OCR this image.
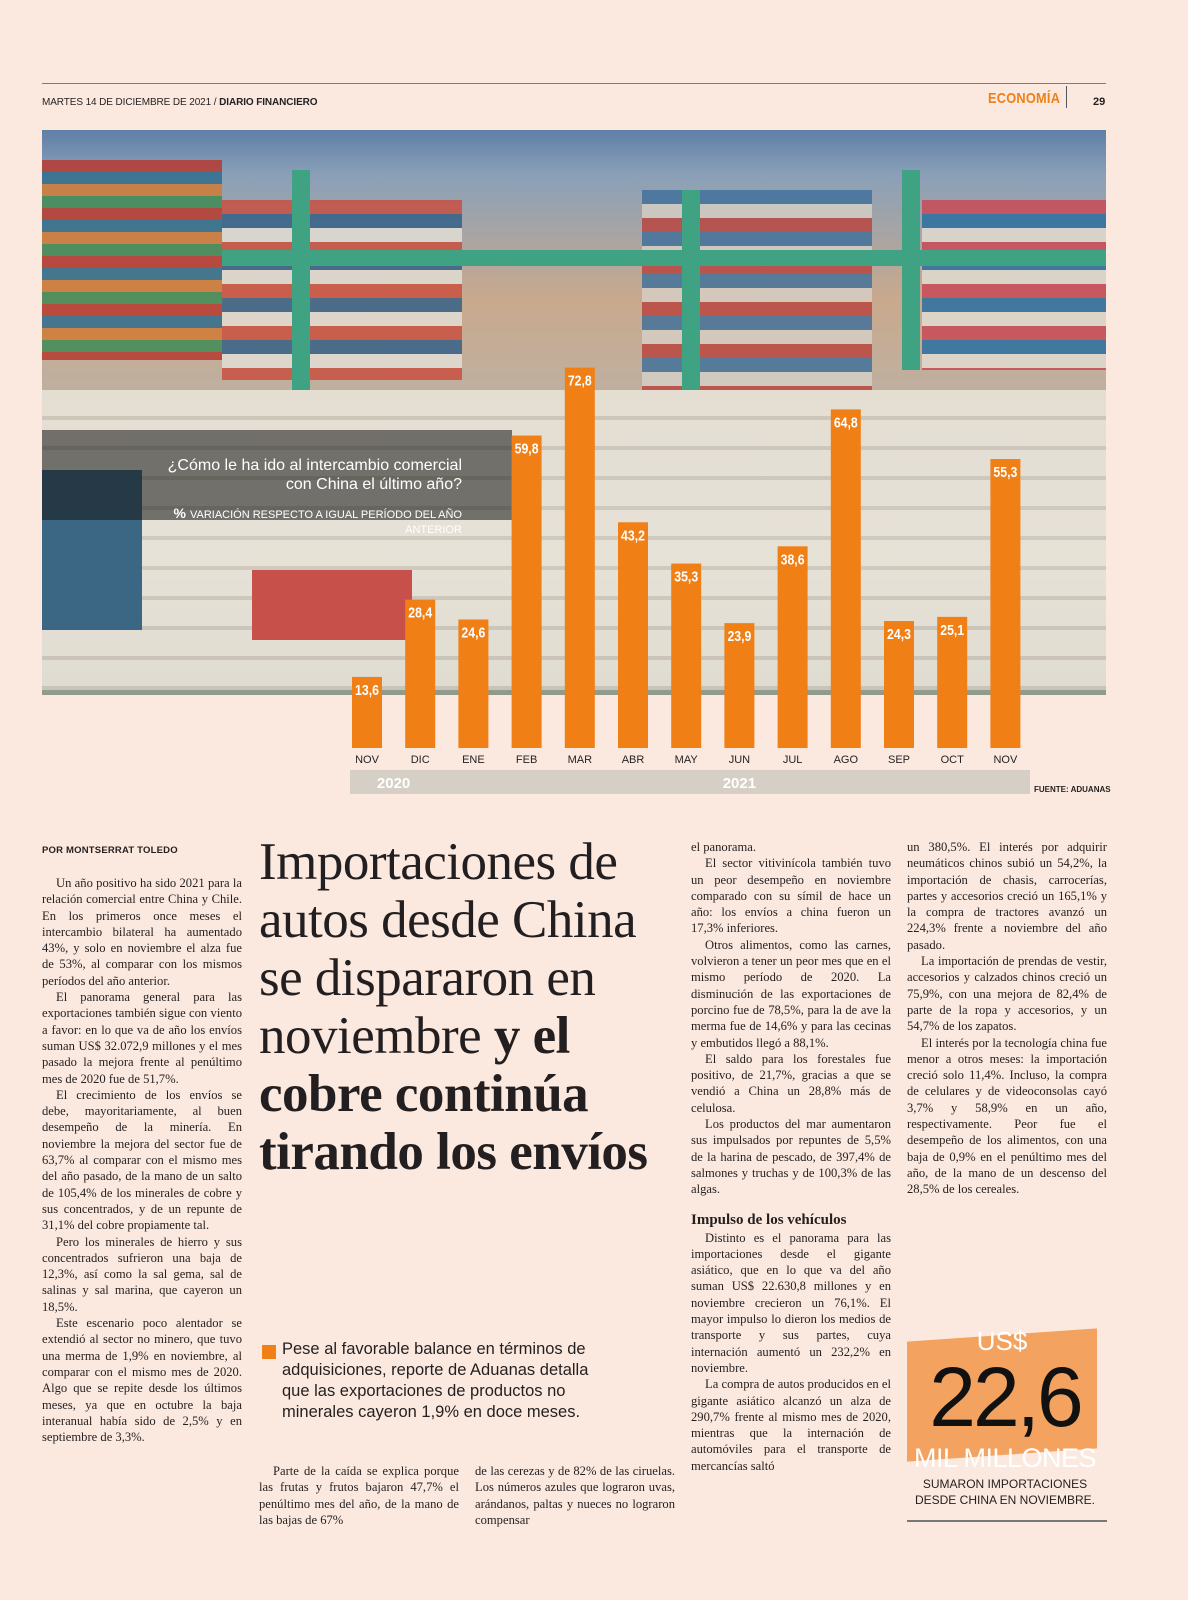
MARTES 14 DE DICIEMBRE DE 2021 / DIARIO FINANCIERO	ECONOMÍA	29
¿Cómo le ha ido al intercambio comercial con China el último año?
% VARIACIÓN RESPECTO A IGUAL PERÍODO DEL AÑO ANTERIOR
13,6
NOV
28,4
DIC
24,6
ENE
59,8
FEB
72,8
MAR
43,2
ABR
35,3
MAY
23,9
JUN
38,6
JUL
64,8
AGO
24,3
SEP
25,1
OCT
55,3
NOV
2020	2021	FUENTE: ADUANAS
POR MONTSERRAT TOLEDO

Un año positivo ha sido 2021 para la relación comercial entre China y Chile. En los primeros once meses el intercambio bilateral ha aumentado 43%, y solo en noviembre el alza fue de 53%, al comparar con los mismos períodos del año anterior.

El panorama general para las exportaciones también sigue con viento a favor: en lo que va de año los envíos suman US$ 32.072,9 millones y el mes pasado la mejora frente al penúltimo mes de 2020 fue de 51,7%.

El crecimiento de los envíos se debe, mayoritariamente, al buen desempeño de la minería. En noviembre la mejora del sector fue de 63,7% al comparar con el mismo mes del año pasado, de la mano de un salto de 105,4% de los minerales de cobre y sus concentrados, y de un repunte de 31,1% del cobre propiamente tal.

Pero los minerales de hierro y sus concentrados sufrieron una baja de 12,3%, así como la sal gema, sal de salinas y sal marina, que cayeron un 18,5%.

Este escenario poco alentador se extendió al sector no minero, que tuvo una merma de 1,9% en noviembre, al comparar con el mismo mes de 2020. Algo que se repite desde los últimos meses, ya que en octubre la baja interanual había sido de 2,5% y en septiembre de 3,3%.

Importaciones de autos desde China se dispararon en noviembre y el cobre continúa tirando los envíos
Pese al favorable balance en términos de adquisiciones, reporte de Aduanas detalla que las exportaciones de productos no minerales cayeron 1,9% en doce meses.

Parte de la caída se explica porque las frutas y frutos bajaron 47,7% el penúltimo mes del año, de la mano de las bajas de 67%

de las cerezas y de 82% de las ciruelas. Los números azules que lograron uvas, arándanos, paltas y nueces no lograron compensar

el panorama.

El sector vitivinícola también tuvo un peor desempeño en noviembre comparado con su símil de hace un año: los envíos a china fueron un 17,3% inferiores.

Otros alimentos, como las carnes, volvieron a tener un peor mes que en el mismo período de 2020. La disminución de las exportaciones de porcino fue de 78,5%, para la de ave la merma fue de 14,6% y para las cecinas y embutidos llegó a 88,1%.

El saldo para los forestales fue positivo, de 21,7%, gracias a que se vendió a China un 28,8% más de celulosa.

Los productos del mar aumentaron sus impulsados por repuntes de 5,5% de la harina de pescado, de 397,4% de salmones y truchas y de 100,3% de las algas.

Impulso de los vehículos

Distinto es el panorama para las importaciones desde el gigante asiático, que en lo que va del año suman US$ 22.630,8 millones y en noviembre crecieron un 76,1%. El mayor impulso lo dieron los medios de transporte y sus partes, cuya internación aumentó un 232,2% en noviembre.

La compra de autos producidos en el gigante asiático alcanzó un alza de 290,7% frente al mismo mes de 2020, mientras que la internación de automóviles para el transporte de mercancías saltó

un 380,5%. El interés por adquirir neumáticos chinos subió un 54,2%, la importación de chasis, carrocerías, partes y accesorios creció un 165,1% y la compra de tractores avanzó un 224,3% frente a noviembre del año pasado.

La importación de prendas de vestir, accesorios y calzados chinos creció un 75,9%, con una mejora de 82,4% de parte de la ropa y accesorios, y un 54,7% de los zapatos.

El interés por la tecnología china fue menor a otros meses: la importación creció solo 11,4%. Incluso, la compra de celulares y de videoconsolas cayó 3,7% y 58,9% en un año, respectivamente. Peor fue el desempeño de los alimentos, con una baja de 0,9% en el penúltimo mes del año, de la mano de un descenso del 28,5% de los cereales.

US$
22,6
MIL MILLONES
SUMARON IMPORTACIONES DESDE CHINA EN NOVIEMBRE.
